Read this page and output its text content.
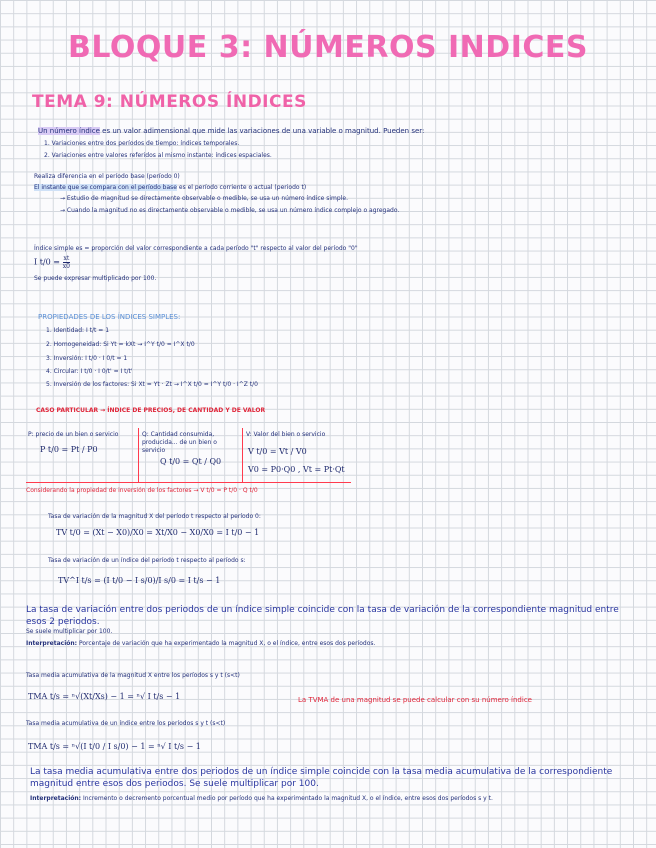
BLOQUE 3: NÚMEROS INDICES
TEMA 9: NÚMEROS ÍNDICES
Un número índice es un valor adimensional que mide las variaciones de una variable o magnitud. Pueden ser:
1. Variaciones entre dos períodos de tiempo: índices temporales.
2. Variaciones entre valores referidos al mismo instante: índices espaciales.
Realiza diferencia en el período base (período 0)
El instante que se compara con el período base es el período corriente o actual (periodo t)
→ Estudio de magnitud se directamente observable o medible, se usa un número índice simple.
→ Cuando la magnitud no es directamente observable o medible, se usa un número índice complejo o agregado.
Índice simple es = proporción del valor correspondiente a cada período "t" respecto al valor del período "0"
I $t/0 = \frac{xt}{x0}$
Se puede expresar multiplicado por 100.
PROPIEDADES DE LOS ÍNDICES SIMPLES:
1. Identidad: I t/t = 1
2. Homogeneidad: Si Yt = kXt → I^Y t/0 = I^X t/0
3. Inversión: I t/0 · I 0/t = 1
4. Circular: I t/0 · I 0/t' = I t/t'
5. Inversión de los factores: Si Xt = Yt · Zt → I^X t/0 = I^Y t/0 · I^Z t/0
CASO PARTICULAR → ÍNDICE DE PRECIOS, DE CANTIDAD Y DE VALOR
P: precio de un bien o servicio
P t/0 = Pt / P0
Q: Cantidad consumida, producida... de un bien o servicio
Q t/0 = Qt / Q0
V: Valor del bien o servicio
V t/0 = Vt / V0
V0 = P0·Q0 , Vt = Pt·Qt
Considerando la propiedad de inversión de los factores → V t/0 = P t/0 · Q t/0
Tasa de variación de la magnitud X del período t respecto al período 0:
TV t/0 = (Xt − X0)/X0 = Xt/X0 − X0/X0 = I t/0 − 1
Tasa de variación de un índice del período t respecto al período s:
TV^I t/s = (I t/0 − I s/0)/I s/0 = I t/s − 1
La tasa de variación entre dos periodos de un índice simple coincide con la tasa de variación de la correspondiente magnitud entre esos 2 periodos.
Se suele multiplicar por 100.
Interpretación: Porcentaje de variación que ha experimentado la magnitud X, o el índice, entre esos dos períodos.
Tasa media acumulativa de la magnitud X entre los períodos s y t (s<t)
TMA t/s = ⁿ√(Xt/Xs) − 1 = ⁿ√ I t/s − 1	La TVMA de una magnitud se puede calcular con su número índice
Tasa media acumulativa de un índice entre los períodos s y t (s<t)
TMA t/s = ⁿ√(I t/0 / I s/0) − 1 = ⁿ√ I t/s − 1
La tasa media acumulativa entre dos periodos de un índice simple coincide con la tasa media acumulativa de la correspondiente magnitud entre esos dos periodos. Se suele multiplicar por 100.
Interpretación: Incremento o decremento porcentual medio por período que ha experimentado la magnitud X, o el índice, entre esos dos períodos s y t.
